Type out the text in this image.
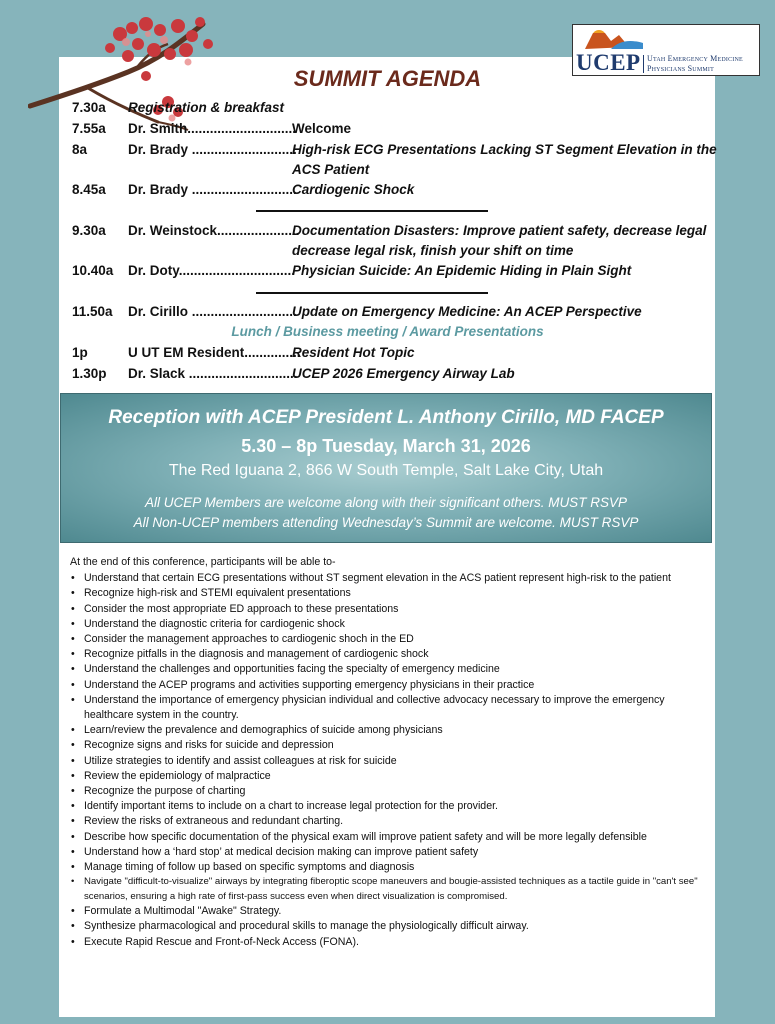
UCEP Utah Emergency Medicine
Physicians Summit
SUMMIT AGENDA
7.30a Registration & breakfast
7.55a Dr. Smith.............................
Welcome
8a	Dr. Brady ............................
High-risk ECG Presentations Lacking ST Segment Elevation in the
ACS Patient
8.45a Dr. Brady ............................
Cardiogenic Shock
9.30a Dr. Weinstock......................
Documentation Disasters: Improve patient safety, decrease legal
decrease legal risk, finish your shift on time
10.40a Dr. Doty...............................
Physician Suicide: An Epidemic Hiding in Plain Sight
11.50a Dr. Cirillo ............................
Update on Emergency Medicine: An ACEP Perspective
1p	U UT EM Resident...............
Resident Hot Topic
1.30p Dr. Slack .............................
UCEP 2026 Emergency Airway Lab
Lunch / Business meeting / Award Presentations
Reception with ACEP President L. Anthony Cirillo, MD FACEP
5.30 – 8p Tuesday, March 31, 2026
The Red Iguana 2, 866 W South Temple, Salt Lake City, Utah
All UCEP Members are welcome along with their significant others. MUST RSVP
All Non-UCEP members attending Wednesday’s Summit are welcome. MUST RSVP

At the end of this conference, participants will be able to-

• Understand that certain ECG presentations without ST segment elevation in the ACS patient represent high-risk to the patient
• Recognize high-risk and STEMI equivalent presentations
• Consider the most appropriate ED approach to these presentations
• Understand the diagnostic criteria for cardiogenic shock
• Consider the management approaches to cardiogenic shoch in the ED
• Recognize pitfalls in the diagnosis and management of cardiogenic shock
• Understand the challenges and opportunities facing the specialty of emergency medicine
• Understand the ACEP programs and activities supporting emergency physicians in their practice
• Understand the importance of emergency physician individual and collective advocacy necessary to improve the emergency healthcare system in the country.
• Learn/review the prevalence and demographics of suicide among physicians
• Recognize signs and risks for suicide and depression
• Utilize strategies to identify and assist colleagues at risk for suicide
• Review the epidemiology of malpractice
• Recognize the purpose of charting
• Identify important items to include on a chart to increase legal protection for the provider.
• Review the risks of extraneous and redundant charting.
• Describe how specific documentation of the physical exam will improve patient safety and will be more legally defensible
• Understand how a ‘hard stop’ at medical decision making can improve patient safety
• Manage timing of follow up based on specific symptoms and diagnosis
• Navigate "difficult-to-visualize" airways by integrating fiberoptic scope maneuvers and bougie-assisted techniques as a tactile guide in "can't see" scenarios, ensuring a high rate of first-pass success even when direct visualization is compromised.
• Formulate a Multimodal "Awake" Strategy.
• Synthesize pharmacological and procedural skills to manage the physiologically difficult airway.
• Execute Rapid Rescue and Front-of-Neck Access (FONA).
